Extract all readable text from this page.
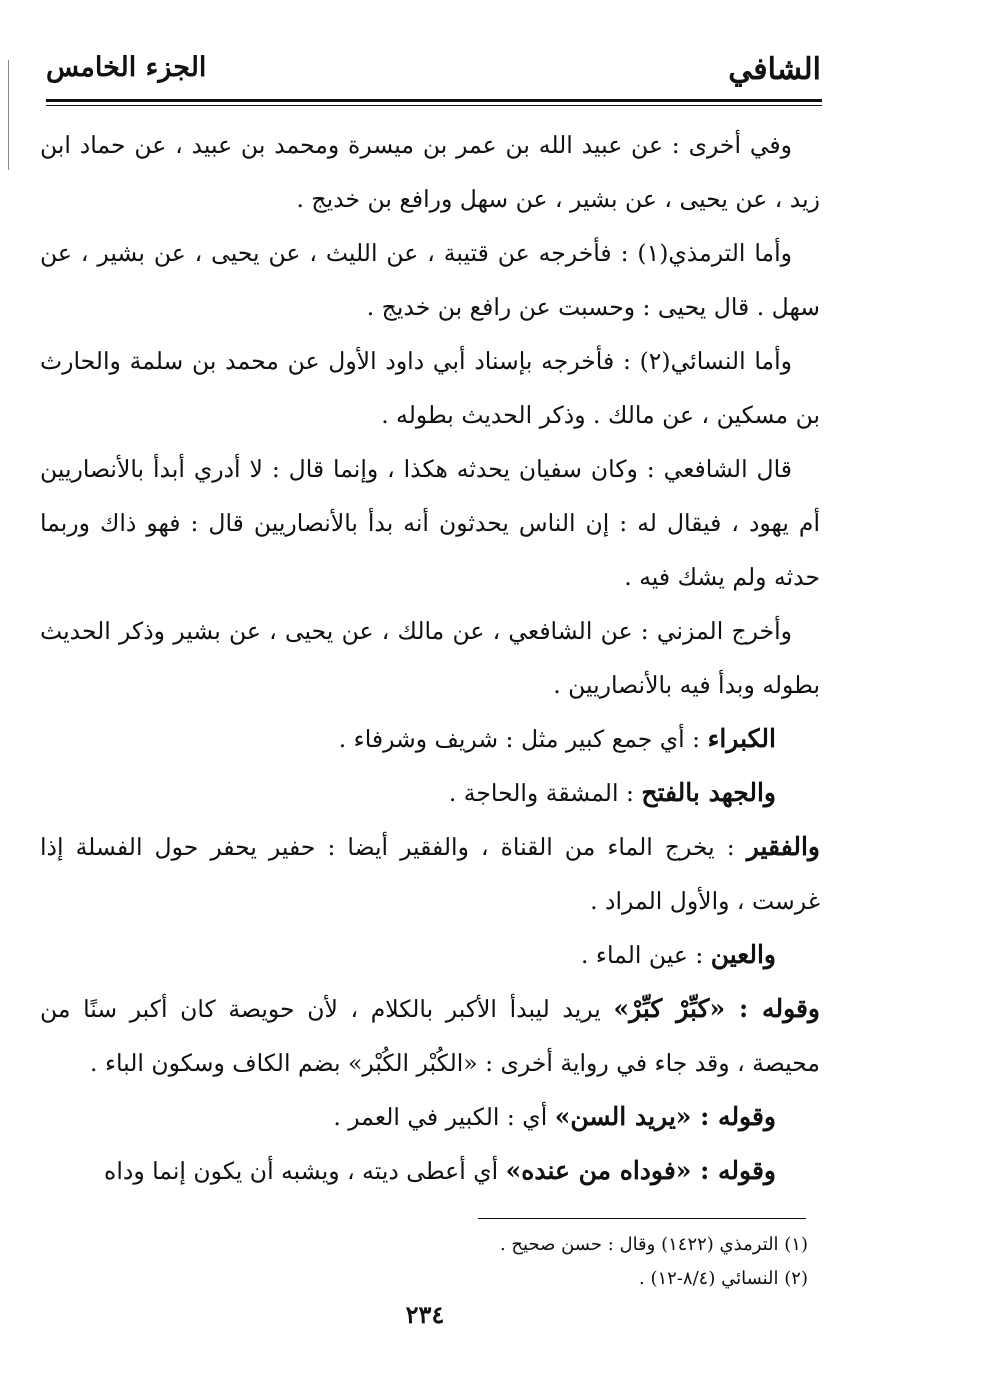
الشافي
الجزء الخامس

وفي أخرى : عن عبيد الله بن عمر بن ميسرة ومحمد بن عبيد ، عن حماد ابن زيد ، عن يحيى ، عن بشير ، عن سهل ورافع بن خديج .

وأما الترمذي(١) : فأخرجه عن قتيبة ، عن الليث ، عن يحيى ، عن بشير ، عن سهل . قال يحيى : وحسبت عن رافع بن خديج .

وأما النسائي(٢) : فأخرجه بإسناد أبي داود الأول عن محمد بن سلمة والحارث بن مسكين ، عن مالك . وذكر الحديث بطوله .

قال الشافعي : وكان سفيان يحدثه هكذا ، وإنما قال : لا أدري أبدأ بالأنصاريين أم يهود ، فيقال له : إن الناس يحدثون أنه بدأ بالأنصاريين قال : فهو ذاك وربما حدثه ولم يشك فيه .

وأخرج المزني : عن الشافعي ، عن مالك ، عن يحيى ، عن بشير وذكر الحديث بطوله وبدأ فيه بالأنصاريين .

الكبراء : أي جمع كبير مثل : شريف وشرفاء .

والجهد بالفتح : المشقة والحاجة .

والفقير : يخرج الماء من القناة ، والفقير أيضا : حفير يحفر حول الفسلة إذا غرست ، والأول المراد .

والعين : عين الماء .

وقوله : «كبِّرْ كبِّرْ» يريد ليبدأ الأكبر بالكلام ، لأن حويصة كان أكبر سنًا من محيصة ، وقد جاء في رواية أخرى : «الكُبْر الكُبْر» بضم الكاف وسكون الباء .

وقوله : «يريد السن» أي : الكبير في العمر .

وقوله : «فوداه من عنده» أي أعطى ديته ، ويشبه أن يكون إنما وداه

(١) الترمذي (١٤٢٢) وقال : حسن صحيح .
(٢) النسائي (٨/٤-١٢) .
٢٣٤
